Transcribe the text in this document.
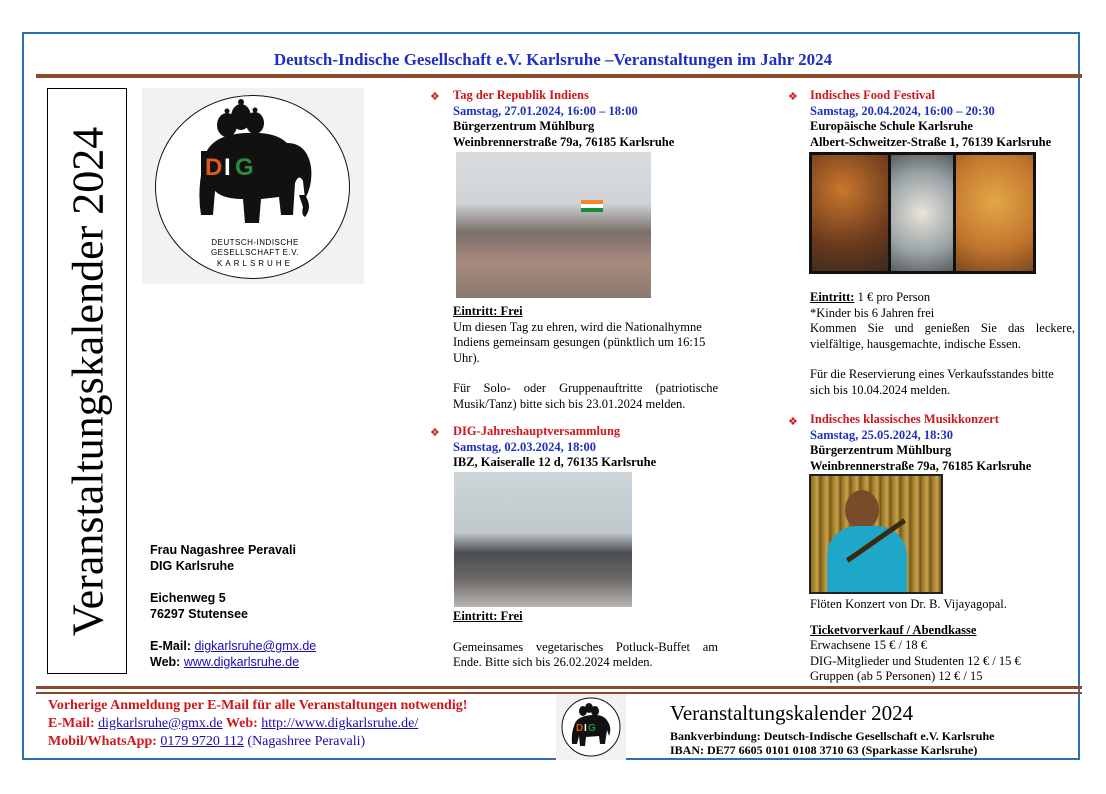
Deutsch-Indische Gesellschaft e.V. Karlsruhe –Veranstaltungen im Jahr 2024
Veranstaltungskalender 2024	D I G
DEUTSCH-INDISCHE
GESELLSCHAFT E.V.
KARLSRUHE
Frau Nagashree Peravali
DIG Karlsruhe
Eichenweg 5
76297 Stutensee
E-Mail: digkarlsruhe@gmx.de
Web: www.digkarlsruhe.de
❖ Tag der Republik Indiens
Samstag, 27.01.2024, 16:00 – 18:00
Bürgerzentrum Mühlburg
Weinbrennerstraße 79a, 76185 Karlsruhe
Eintritt: Frei
Um diesen Tag zu ehren, wird die Nationalhymne Indiens gemeinsam gesungen (pünktlich um 16:15 Uhr).
Für Solo- oder Gruppenauftritte (patriotische Musik/Tanz) bitte sich bis 23.01.2024 melden.
❖ DIG-Jahreshauptversammlung
Samstag, 02.03.2024, 18:00
IBZ, Kaiseralle 12 d, 76135 Karlsruhe
Eintritt: Frei
Gemeinsames vegetarisches Potluck-Buffet am Ende. Bitte sich bis 26.02.2024 melden.
❖ Indisches Food Festival
Samstag, 20.04.2024, 16:00 – 20:30
Europäische Schule Karlsruhe
Albert-Schweitzer-Straße 1, 76139 Karlsruhe
Eintritt: 1 € pro Person
*Kinder bis 6 Jahren frei
Kommen Sie und genießen Sie das leckere, vielfältige, hausgemachte, indische Essen.
Für die Reservierung eines Verkaufsstandes bitte sich bis 10.04.2024 melden.
❖ Indisches klassisches Musikkonzert
Samstag, 25.05.2024, 18:30
Bürgerzentrum Mühlburg
Weinbrennerstraße 79a, 76185 Karlsruhe
Flöten Konzert von Dr. B. Vijayagopal.
Ticketvorverkauf / Abendkasse
Erwachsene 15 € / 18 €
DIG-Mitglieder und Studenten 12 € / 15 €
Gruppen (ab 5 Personen) 12 € / 15
Vorherige Anmeldung per E-Mail für alle Veranstaltungen notwendig!
E-Mail: digkarlsruhe@gmx.de Web: http://www.digkarlsruhe.de/
Mobil/WhatsApp: 0179 9720 112 (Nagashree Peravali)
D I G
Veranstaltungskalender 2024
Bankverbindung: Deutsch-Indische Gesellschaft e.V. Karlsruhe
IBAN: DE77 6605 0101 0108 3710 63 (Sparkasse Karlsruhe)
